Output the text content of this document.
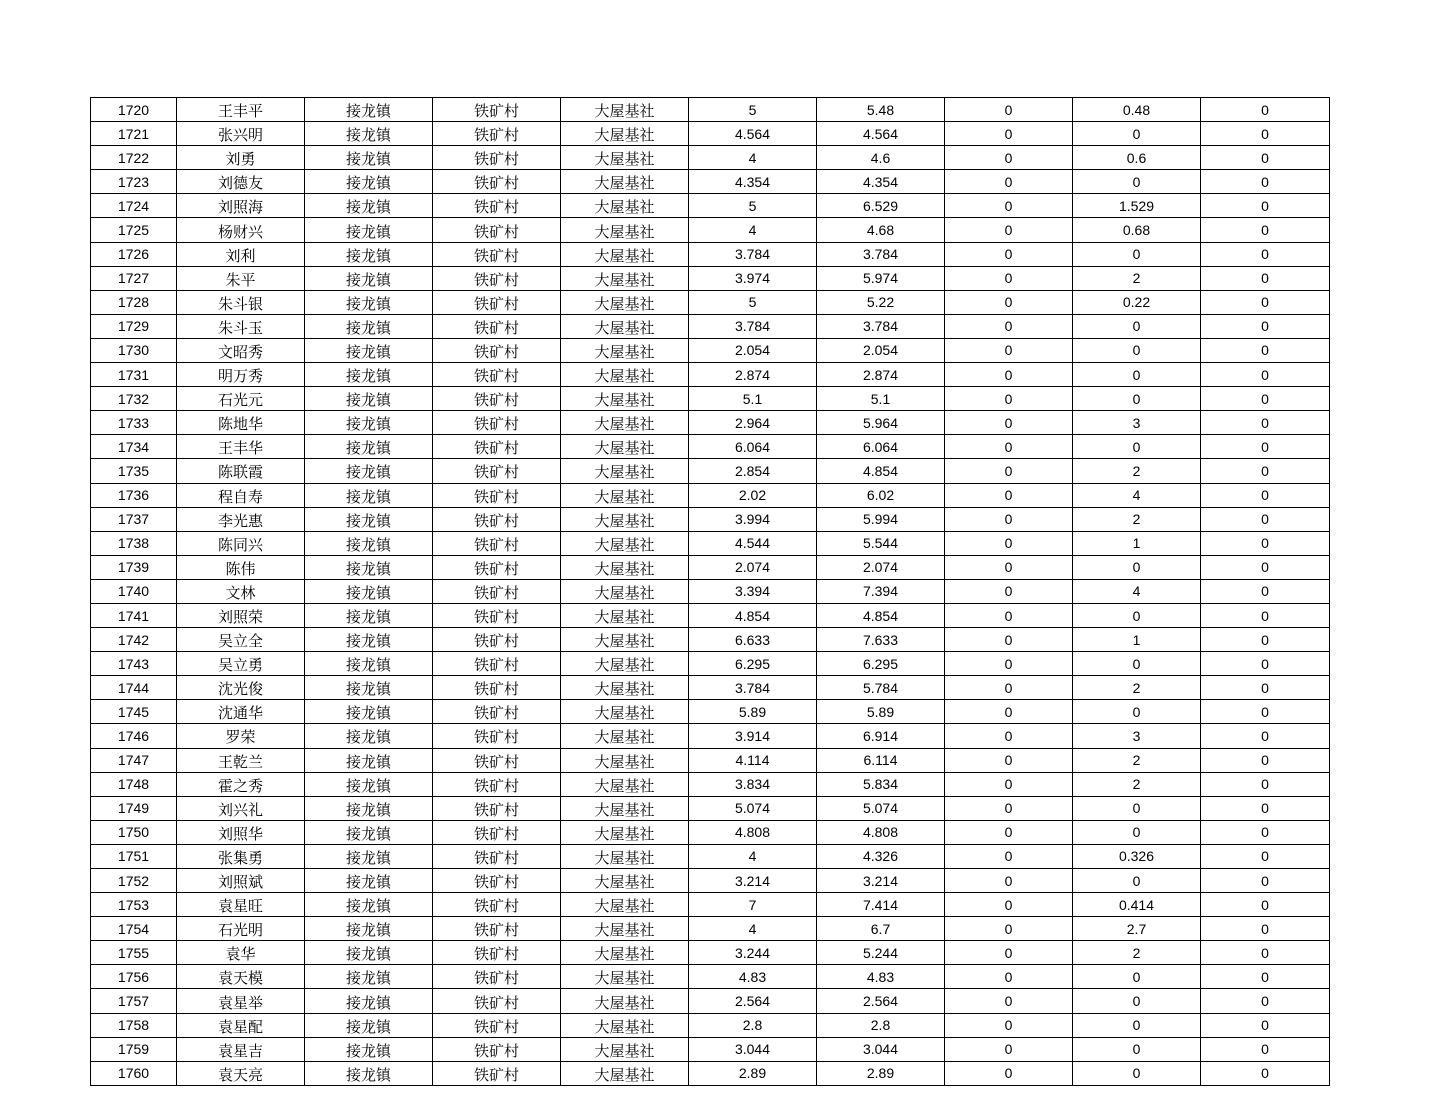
1720	王丰平	接龙镇	铁矿村	大屋基社	5	5.48	0	0.48	0
1721	张兴明	接龙镇	铁矿村	大屋基社	4.564	4.564	0	0	0
1722	刘勇	接龙镇	铁矿村	大屋基社	4	4.6	0	0.6	0
1723	刘德友	接龙镇	铁矿村	大屋基社	4.354	4.354	0	0	0
1724	刘照海	接龙镇	铁矿村	大屋基社	5	6.529	0	1.529	0
1725	杨财兴	接龙镇	铁矿村	大屋基社	4	4.68	0	0.68	0
1726	刘利	接龙镇	铁矿村	大屋基社	3.784	3.784	0	0	0
1727	朱平	接龙镇	铁矿村	大屋基社	3.974	5.974	0	2	0
1728	朱斗银	接龙镇	铁矿村	大屋基社	5	5.22	0	0.22	0
1729	朱斗玉	接龙镇	铁矿村	大屋基社	3.784	3.784	0	0	0
1730	文昭秀	接龙镇	铁矿村	大屋基社	2.054	2.054	0	0	0
1731	明万秀	接龙镇	铁矿村	大屋基社	2.874	2.874	0	0	0
1732	石光元	接龙镇	铁矿村	大屋基社	5.1	5.1	0	0	0
1733	陈地华	接龙镇	铁矿村	大屋基社	2.964	5.964	0	3	0
1734	王丰华	接龙镇	铁矿村	大屋基社	6.064	6.064	0	0	0
1735	陈联霞	接龙镇	铁矿村	大屋基社	2.854	4.854	0	2	0
1736	程自寿	接龙镇	铁矿村	大屋基社	2.02	6.02	0	4	0
1737	李光惠	接龙镇	铁矿村	大屋基社	3.994	5.994	0	2	0
1738	陈同兴	接龙镇	铁矿村	大屋基社	4.544	5.544	0	1	0
1739	陈伟	接龙镇	铁矿村	大屋基社	2.074	2.074	0	0	0
1740	文林	接龙镇	铁矿村	大屋基社	3.394	7.394	0	4	0
1741	刘照荣	接龙镇	铁矿村	大屋基社	4.854	4.854	0	0	0
1742	吴立全	接龙镇	铁矿村	大屋基社	6.633	7.633	0	1	0
1743	吴立勇	接龙镇	铁矿村	大屋基社	6.295	6.295	0	0	0
1744	沈光俊	接龙镇	铁矿村	大屋基社	3.784	5.784	0	2	0
1745	沈通华	接龙镇	铁矿村	大屋基社	5.89	5.89	0	0	0
1746	罗荣	接龙镇	铁矿村	大屋基社	3.914	6.914	0	3	0
1747	王乾兰	接龙镇	铁矿村	大屋基社	4.114	6.114	0	2	0
1748	霍之秀	接龙镇	铁矿村	大屋基社	3.834	5.834	0	2	0
1749	刘兴礼	接龙镇	铁矿村	大屋基社	5.074	5.074	0	0	0
1750	刘照华	接龙镇	铁矿村	大屋基社	4.808	4.808	0	0	0
1751	张集勇	接龙镇	铁矿村	大屋基社	4	4.326	0	0.326	0
1752	刘照斌	接龙镇	铁矿村	大屋基社	3.214	3.214	0	0	0
1753	袁星旺	接龙镇	铁矿村	大屋基社	7	7.414	0	0.414	0
1754	石光明	接龙镇	铁矿村	大屋基社	4	6.7	0	2.7	0
1755	袁华	接龙镇	铁矿村	大屋基社	3.244	5.244	0	2	0
1756	袁天模	接龙镇	铁矿村	大屋基社	4.83	4.83	0	0	0
1757	袁星举	接龙镇	铁矿村	大屋基社	2.564	2.564	0	0	0
1758	袁星配	接龙镇	铁矿村	大屋基社	2.8	2.8	0	0	0
1759	袁星吉	接龙镇	铁矿村	大屋基社	3.044	3.044	0	0	0
1760	袁天亮	接龙镇	铁矿村	大屋基社	2.89	2.89	0	0	0
